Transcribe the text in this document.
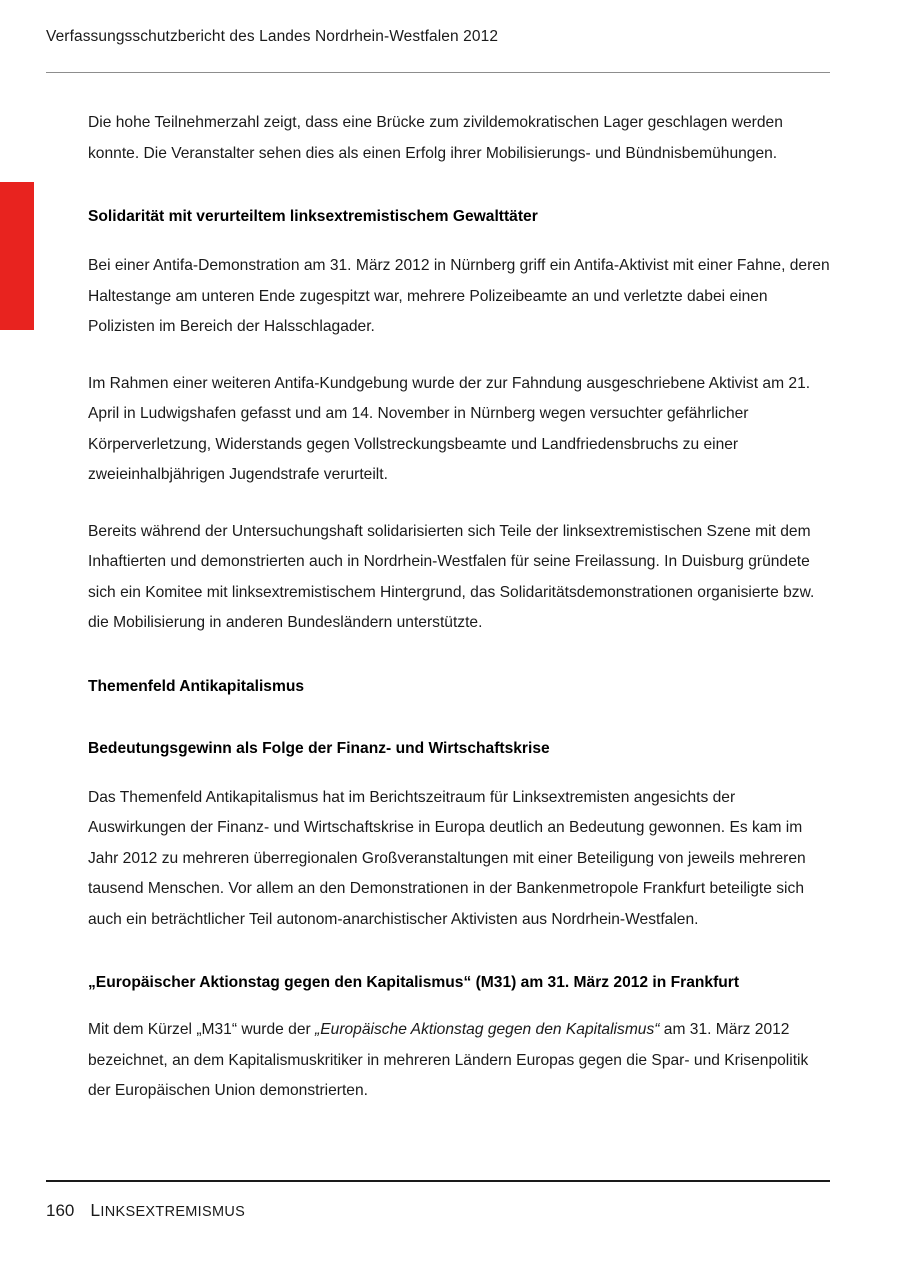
Verfassungsschutzbericht des Landes Nordrhein-Westfalen 2012

Die hohe Teilnehmerzahl zeigt, dass eine Brücke zum zivildemokratischen Lager geschlagen werden konnte. Die Veranstalter sehen dies als einen Erfolg ihrer Mobilisierungs- und Bündnisbemühungen.

Solidarität mit verurteiltem linksextremistischem Gewalttäter

Bei einer Antifa-Demonstration am 31. März 2012 in Nürnberg griff ein Antifa-Aktivist mit einer Fahne, deren Haltestange am unteren Ende zugespitzt war, mehrere Polizeibeamte an und verletzte dabei einen Polizisten im Bereich der Halsschlagader.

Im Rahmen einer weiteren Antifa-Kundgebung wurde der zur Fahndung ausgeschriebene Aktivist am 21. April in Ludwigshafen gefasst und am 14. November in Nürnberg wegen versuchter gefährlicher Körperverletzung, Widerstands gegen Vollstreckungsbeamte und Landfriedensbruchs zu einer zweieinhalbjährigen Jugendstrafe verurteilt.

Bereits während der Untersuchungshaft solidarisierten sich Teile der linksextremistischen Szene mit dem Inhaftierten und demonstrierten auch in Nordrhein-Westfalen für seine Freilassung. In Duisburg gründete sich ein Komitee mit linksextremistischem Hintergrund, das Solidaritätsdemonstrationen organisierte bzw. die Mobilisierung in anderen Bundesländern unterstützte.

Themenfeld Antikapitalismus
Bedeutungsgewinn als Folge der Finanz- und Wirtschaftskrise

Das Themenfeld Antikapitalismus hat im Berichtszeitraum für Linksextremisten angesichts der Auswirkungen der Finanz- und Wirtschaftskrise in Europa deutlich an Bedeutung gewonnen. Es kam im Jahr 2012 zu mehreren überregionalen Großveranstaltungen mit einer Beteiligung von jeweils mehreren tausend Menschen. Vor allem an den Demonstrationen in der Bankenmetropole Frankfurt beteiligte sich auch ein beträchtlicher Teil autonom-anarchistischer Aktivisten aus Nordrhein-Westfalen.

„Europäischer Aktionstag gegen den Kapitalismus“ (M31) am 31. März 2012 in Frankfurt

Mit dem Kürzel „M31“ wurde der „Europäische Aktionstag gegen den Kapitalismus“ am 31. März 2012 bezeichnet, an dem Kapitalismuskritiker in mehreren Ländern Europas gegen die Spar- und Krisenpolitik der Europäischen Union demonstrierten.

160 LINKSEXTREMISMUS
